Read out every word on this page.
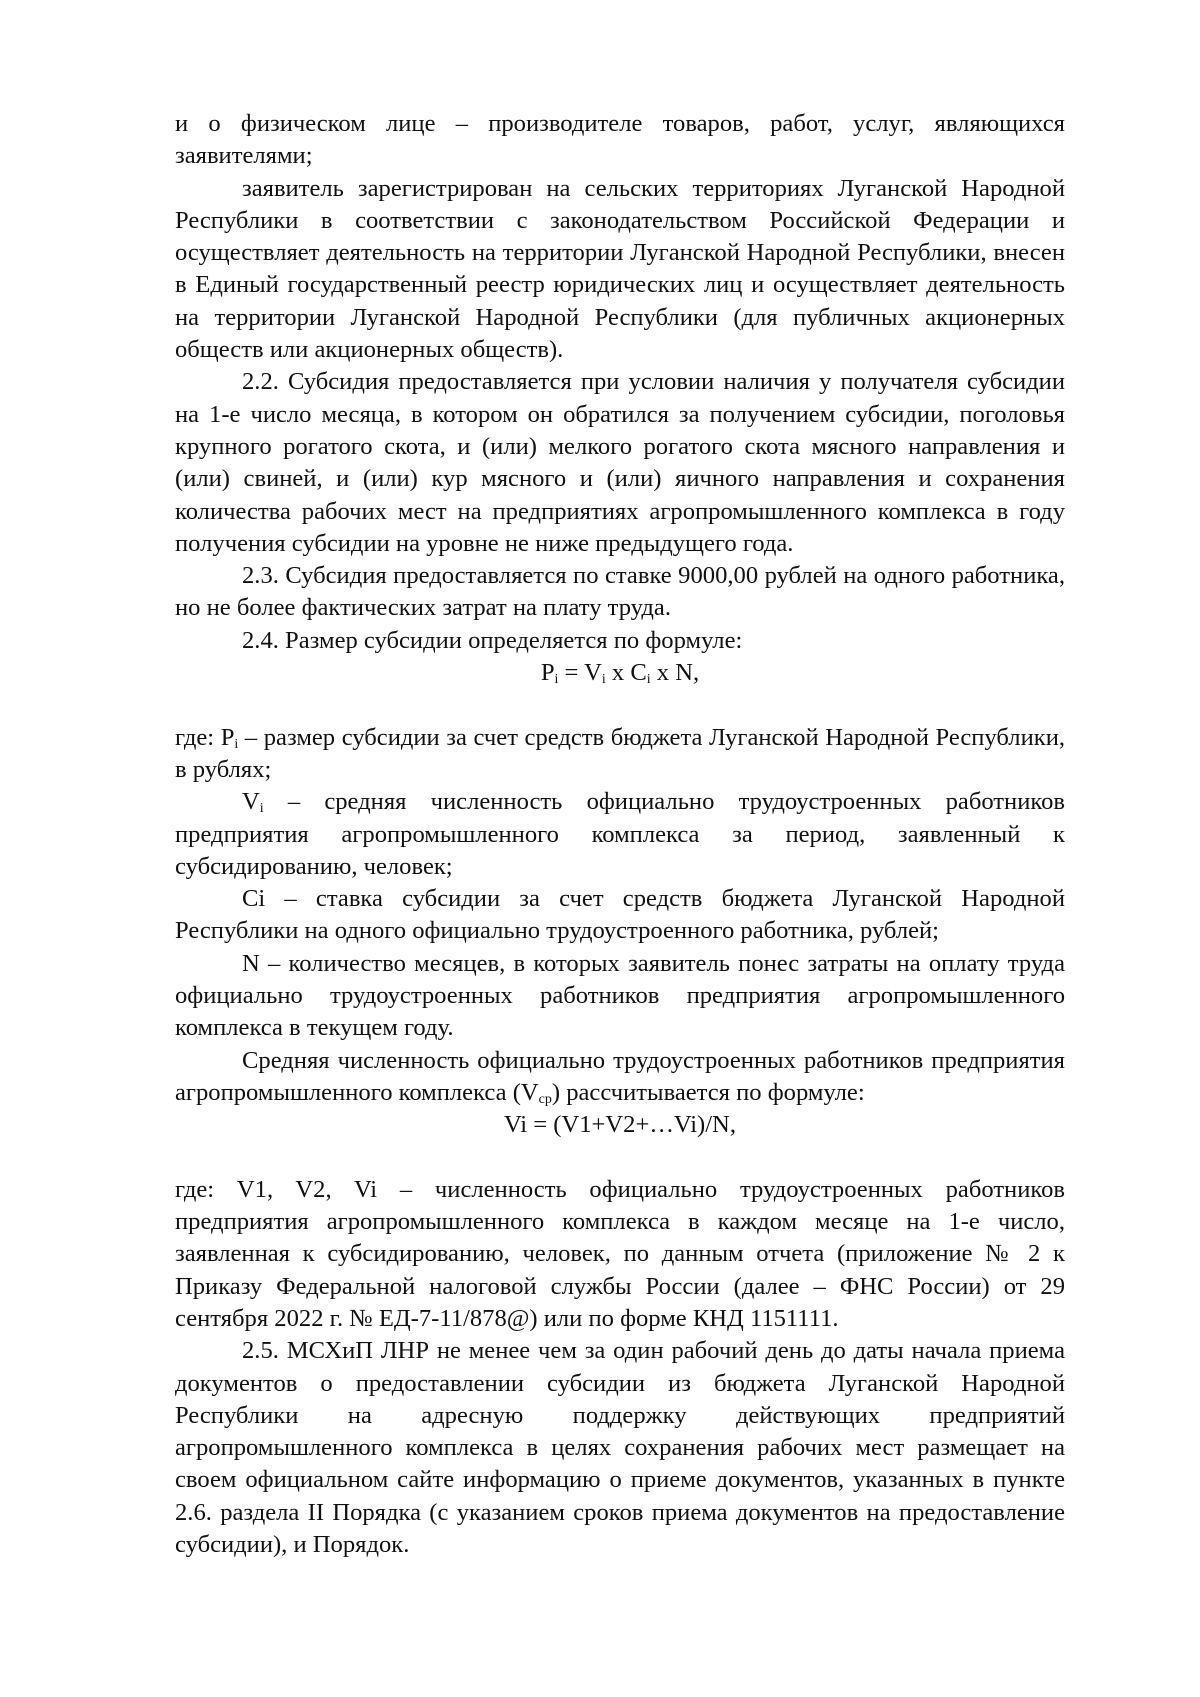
и о физическом лице – производителе товаров, работ, услуг, являющихся заявителями;

заявитель зарегистрирован на сельских территориях Луганской Народной Республики в соответствии с законодательством Российской Федерации и осуществляет деятельность на территории Луганской Народной Республики, внесен в Единый государственный реестр юридических лиц и осуществляет деятельность на территории Луганской Народной Республики (для публичных акционерных обществ или акционерных обществ).

2.2. Субсидия предоставляется при условии наличия у получателя субсидии на 1-е число месяца, в котором он обратился за получением субсидии, поголовья крупного рогатого скота, и (или) мелкого рогатого скота мясного направления и (или) свиней, и (или) кур мясного и (или) яичного направления и сохранения количества рабочих мест на предприятиях агропромышленного комплекса в году получения субсидии на уровне не ниже предыдущего года.

2.3. Субсидия предоставляется по ставке 9000,00 рублей на одного работника, но не более фактических затрат на плату труда.

2.4. Размер субсидии определяется по формуле:

$P_i = V_i$ x $C_i$ x N,

где: $P_i$ – размер субсидии за счет средств бюджета Луганской Народной Республики, в рублях;

$V_i$ – средняя численность официально трудоустроенных работников предприятия агропромышленного комплекса за период, заявленный к субсидированию, человек;

Ci – ставка субсидии за счет средств бюджета Луганской Народной Республики на одного официально трудоустроенного работника, рублей;

N – количество месяцев, в которых заявитель понес затраты на оплату труда официально трудоустроенных работников предприятия агропромышленного комплекса в текущем году.

Средняя численность официально трудоустроенных работников предприятия агропромышленного комплекса $(V_{ср})$ рассчитывается по формуле:

Vi = (V1+V2+…Vi)/N,

где: V1, V2, Vi – численность официально трудоустроенных работников предприятия агропромышленного комплекса в каждом месяце на 1-е число, заявленная к субсидированию, человек, по данным отчета (приложение № 2 к Приказу Федеральной налоговой службы России (далее – ФНС России) от 29 сентября 2022 г. № ЕД-7-11/878@) или по форме КНД 1151111.

2.5. МСХиП ЛНР не менее чем за один рабочий день до даты начала приема документов о предоставлении субсидии из бюджета Луганской Народной Республики на адресную поддержку действующих предприятий агропромышленного комплекса в целях сохранения рабочих мест размещает на своем официальном сайте информацию о приеме документов, указанных в пункте 2.6. раздела II Порядка (с указанием сроков приема документов на предоставление субсидии), и Порядок.
